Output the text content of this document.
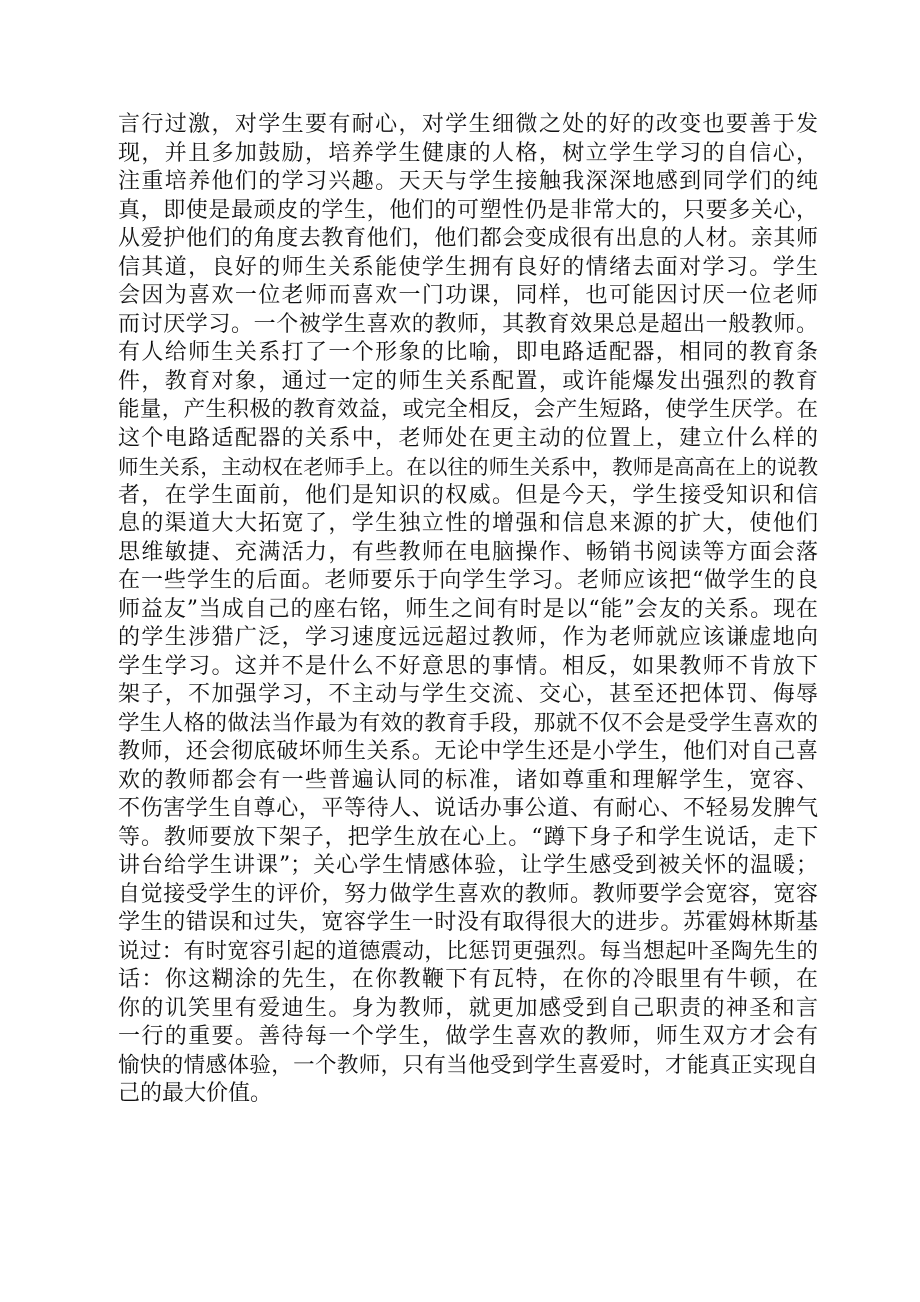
言行过激，对学生要有耐心，对学生细微之处的好的改变也要善于发
现，并且多加鼓励，培养学生健康的人格，树立学生学习的自信心，
注重培养他们的学习兴趣。天天与学生接触我深深地感到同学们的纯
真，即使是最顽皮的学生，他们的可塑性仍是非常大的，只要多关心，
从爱护他们的角度去教育他们，他们都会变成很有出息的人材。亲其师
信其道，良好的师生关系能使学生拥有良好的情绪去面对学习。学生
会因为喜欢一位老师而喜欢一门功课，同样，也可能因讨厌一位老师
而讨厌学习。一个被学生喜欢的教师，其教育效果总是超出一般教师。
有人给师生关系打了一个形象的比喻，即电路适配器，相同的教育条
件，教育对象，通过一定的师生关系配置，或许能爆发出强烈的教育
能量，产生积极的教育效益，或完全相反，会产生短路，使学生厌学。在
这个电路适配器的关系中，老师处在更主动的位置上，建立什么样的
师生关系，主动权在老师手上。在以往的师生关系中，教师是高高在上的说教
者，在学生面前，他们是知识的权威。但是今天，学生接受知识和信
息的渠道大大拓宽了，学生独立性的增强和信息来源的扩大，使他们
思维敏捷、充满活力，有些教师在电脑操作、畅销书阅读等方面会落
在一些学生的后面。老师要乐于向学生学习。老师应该把“做学生的良
师益友”当成自己的座右铭，师生之间有时是以“能”会友的关系。现在
的学生涉猎广泛，学习速度远远超过教师，作为老师就应该谦虚地向
学生学习。这并不是什么不好意思的事情。相反，如果教师不肯放下
架子，不加强学习，不主动与学生交流、交心，甚至还把体罚、侮辱
学生人格的做法当作最为有效的教育手段，那就不仅不会是受学生喜欢的
教师，还会彻底破坏师生关系。无论中学生还是小学生，他们对自己喜
欢的教师都会有一些普遍认同的标准，诸如尊重和理解学生，宽容、
不伤害学生自尊心，平等待人、说话办事公道、有耐心、不轻易发脾气
等。教师要放下架子，把学生放在心上。“蹲下身子和学生说话，走下
讲台给学生讲课”；关心学生情感体验，让学生感受到被关怀的温暖；
自觉接受学生的评价，努力做学生喜欢的教师。教师要学会宽容，宽容
学生的错误和过失，宽容学生一时没有取得很大的进步。苏霍姆林斯基
说过：有时宽容引起的道德震动，比惩罚更强烈。每当想起叶圣陶先生的
话：你这糊涂的先生，在你教鞭下有瓦特，在你的冷眼里有牛顿，在
你的讥笑里有爱迪生。身为教师，就更加感受到自己职责的神圣和言
一行的重要。善待每一个学生，做学生喜欢的教师，师生双方才会有
愉快的情感体验，一个教师，只有当他受到学生喜爱时，才能真正实现自
己的最大价值。
